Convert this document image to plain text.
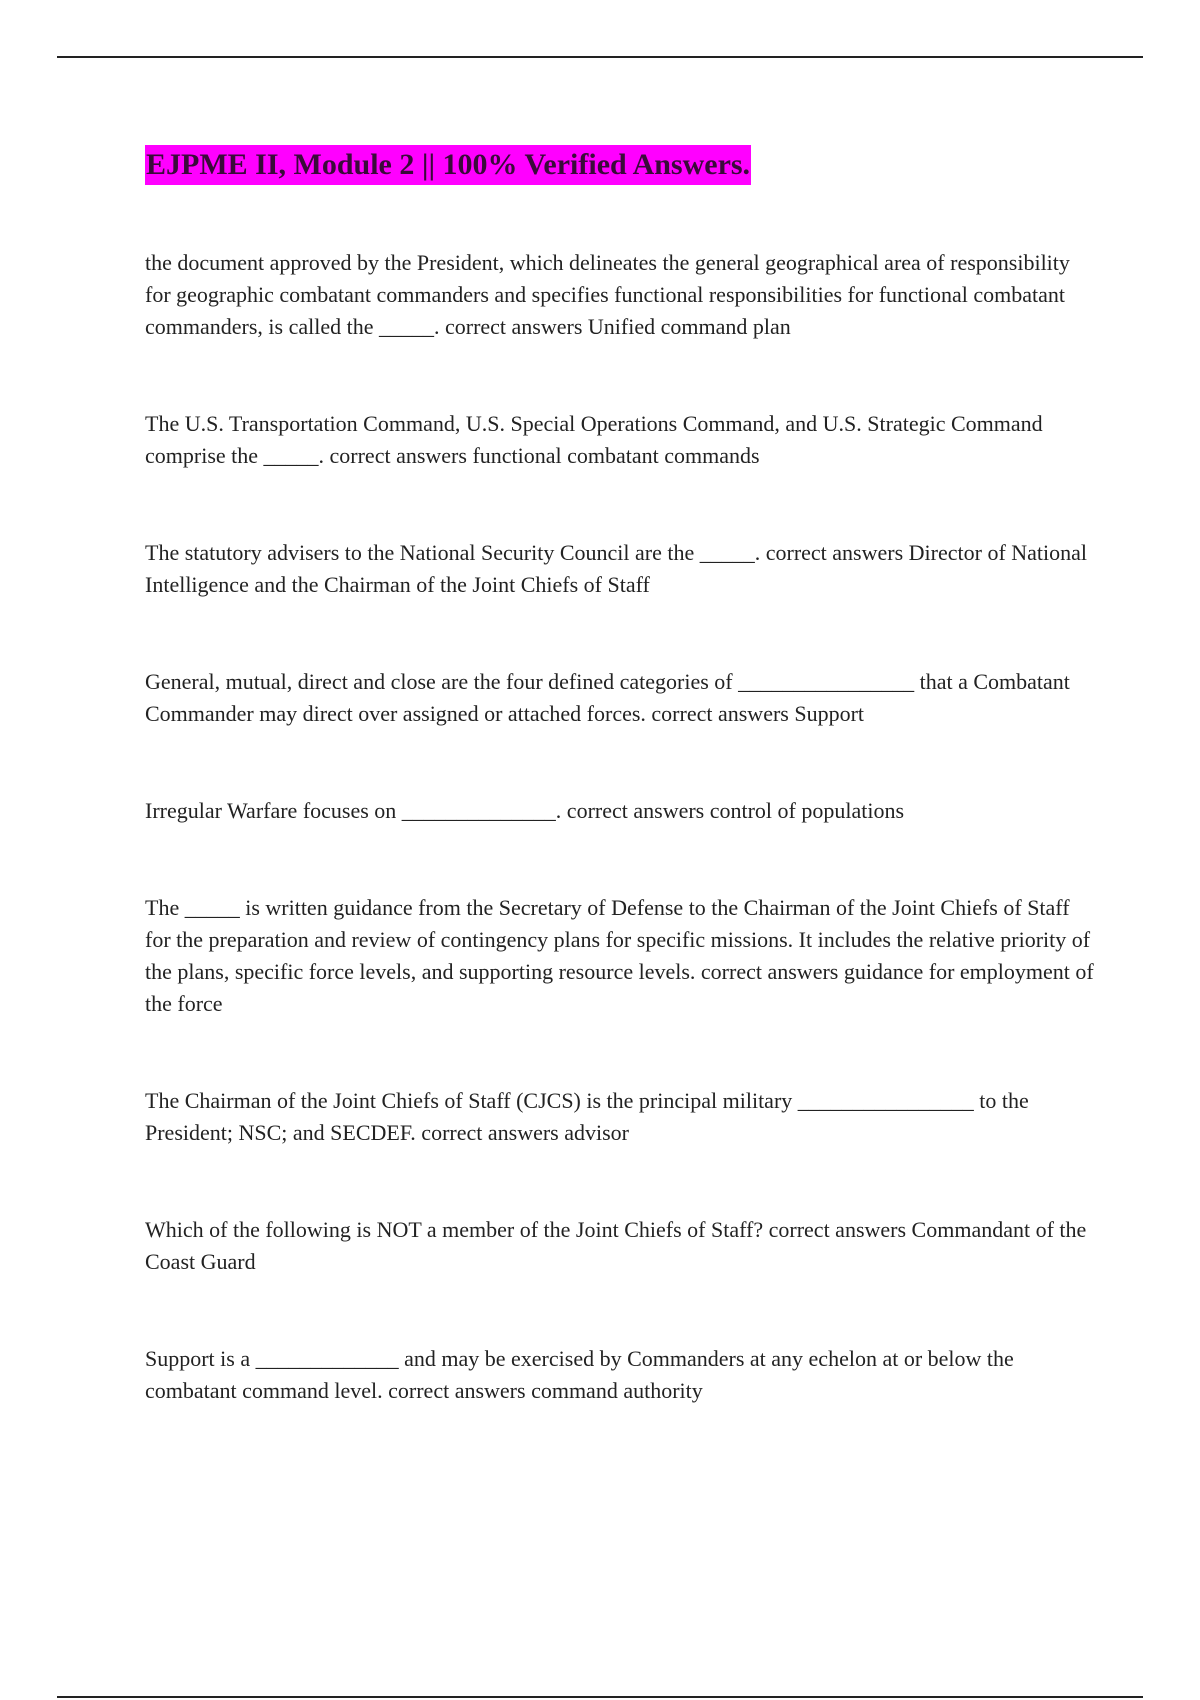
EJPME II, Module 2 || 100% Verified Answers.

the document approved by the President, which delineates the general geographical area of responsibility for geographic combatant commanders and specifies functional responsibilities for functional combatant commanders, is called the _____. correct answers Unified command plan

The U.S. Transportation Command, U.S. Special Operations Command, and U.S. Strategic Command comprise the _____. correct answers functional combatant commands

The statutory advisers to the National Security Council are the _____. correct answers Director of National Intelligence and the Chairman of the Joint Chiefs of Staff

General, mutual, direct and close are the four defined categories of ________________ that a Combatant Commander may direct over assigned or attached forces. correct answers Support

Irregular Warfare focuses on ______________. correct answers control of populations

The _____ is written guidance from the Secretary of Defense to the Chairman of the Joint Chiefs of Staff for the preparation and review of contingency plans for specific missions. It includes the relative priority of the plans, specific force levels, and supporting resource levels. correct answers guidance for employment of the force

The Chairman of the Joint Chiefs of Staff (CJCS) is the principal military ________________ to the President; NSC; and SECDEF. correct answers advisor

Which of the following is NOT a member of the Joint Chiefs of Staff? correct answers Commandant of the Coast Guard

Support is a _____________ and may be exercised by Commanders at any echelon at or below the combatant command level. correct answers command authority
